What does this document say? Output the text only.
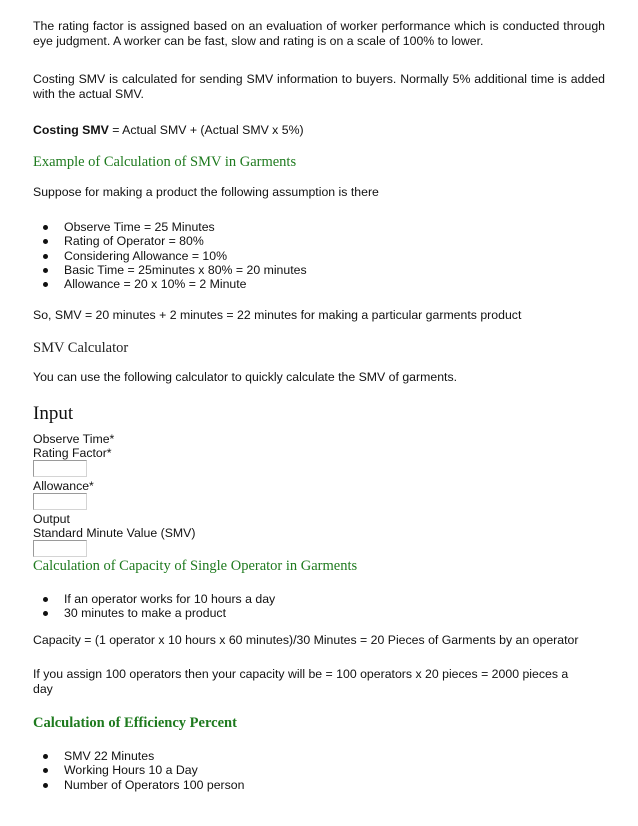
The rating factor is assigned based on an evaluation of worker performance which is conducted through eye judgment. A worker can be fast, slow and rating is on a scale of 100% to lower.

Costing SMV is calculated for sending SMV information to buyers. Normally 5% additional time is added with the actual SMV.

Costing SMV = Actual SMV + (Actual SMV x 5%)

Example of Calculation of SMV in Garments

Suppose for making a product the following assumption is there

Observe Time = 25 Minutes
Rating of Operator = 80%
Considering Allowance = 10%
Basic Time = 25minutes x 80% = 20 minutes
Allowance = 20 x 10% = 2 Minute

So, SMV = 20 minutes + 2 minutes = 22 minutes for making a particular garments product

SMV Calculator

You can use the following calculator to quickly calculate the SMV of garments.

Input
Observe Time*
Rating Factor*
Allowance*
Output
Standard Minute Value (SMV)
Calculation of Capacity of Single Operator in Garments
If an operator works for 10 hours a day
30 minutes to make a product

Capacity = (1 operator x 10 hours x 60 minutes)/30 Minutes = 20 Pieces of Garments by an operator

If you assign 100 operators then your capacity will be = 100 operators x 20 pieces = 2000 pieces a day

Calculation of Efficiency Percent
SMV 22 Minutes
Working Hours 10 a Day
Number of Operators 100 person
